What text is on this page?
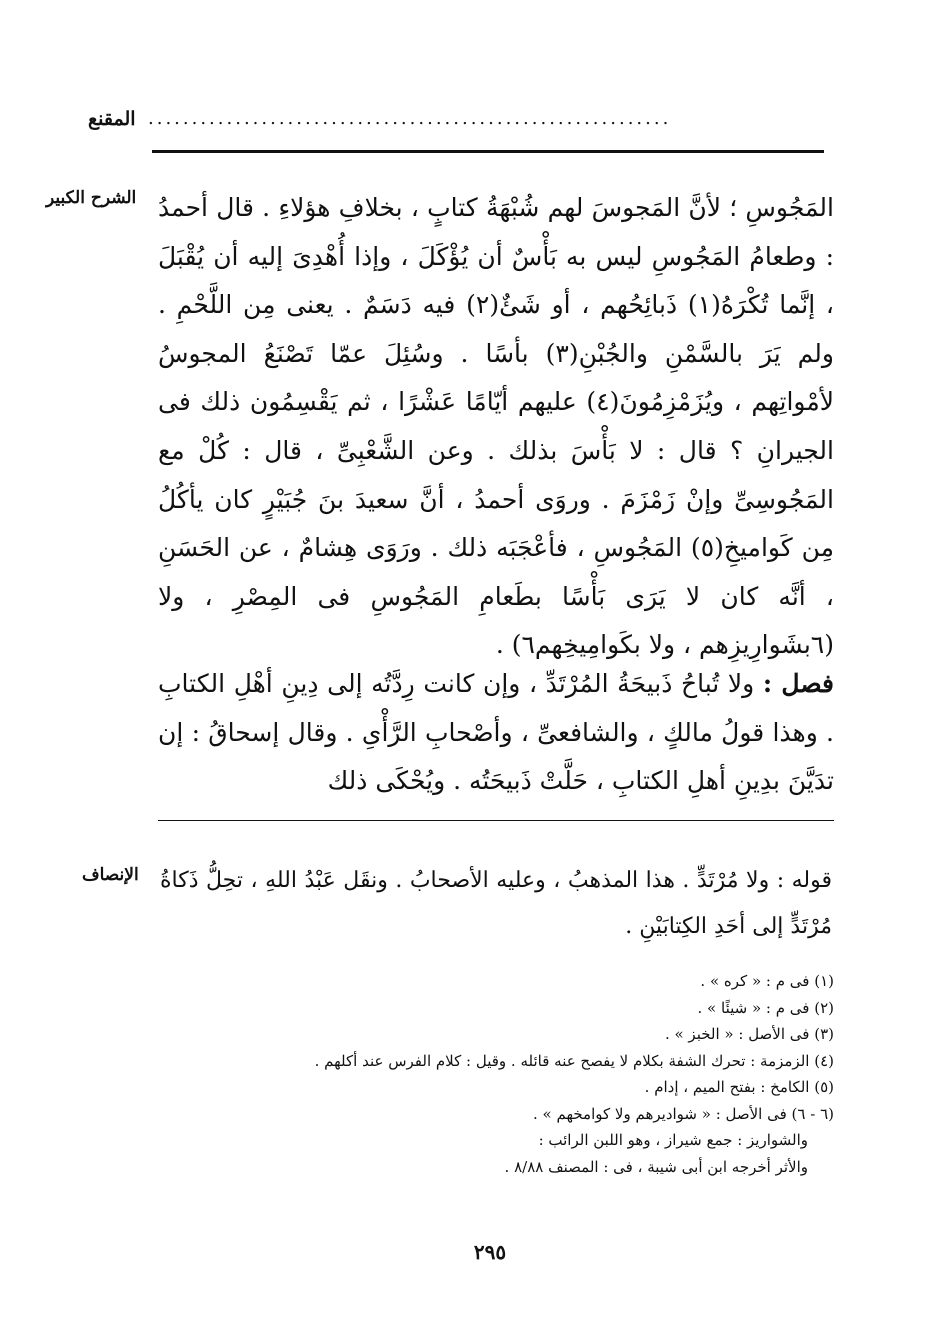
المقنع ............................................................
الشرح الكبير المَجُوسِ ؛ لأنَّ المَجوسَ لهم شُبْهَةُ كتابٍ ، بخلافِ هؤلاءِ . قال أحمدُ : وطعامُ المَجُوسِ ليس به بَأْسٌ أن يُؤْكَلَ ، وإذا أُهْدِىَ إليه أن يُقْبَلَ ، إنَّما تُكْرَهُ(١) ذَبائِحُهم ، أو شَئٌ(٢) فيه دَسَمٌ . يعنى مِن اللَّحْمِ . ولم يَرَ بالسَّمْنِ والجُبْنِ(٣) بأسًا . وسُئِلَ عمّا تَصْنَعُ المجوسُ لأمْواتِهم ، ويُزَمْزِمُونَ(٤) عليهم أيّامًا عَشْرًا ، ثم يَقْسِمُون ذلك فى الجيرانِ ؟ قال : لا بَأْسَ بذلك . وعن الشَّعْبِىِّ ، قال : كُلْ مع المَجُوسِىِّ وإنْ زَمْزَمَ . وروَى أحمدُ ، أنَّ سعيدَ بنَ جُبَيْرٍ كان يأكُلُ مِن كَواميخِ(٥) المَجُوسِ ، فأعْجَبَه ذلك . ورَوَى هِشامٌ ، عن الحَسَنِ ، أنَّه كان لا يَرَى بَأْسًا بطَعامِ المَجُوسِ فى المِصْرِ ، ولا (٦بشَوارِيزِهم ، ولا بكَوامِيخِهم٦) .
فصل : ولا تُباحُ ذَبيحَةُ المُرْتَدِّ ، وإن كانت رِدَّتُه إلى دِينِ أهْلِ الكتابِ . وهذا قولُ مالكٍ ، والشافعىِّ ، وأصْحابِ الرَّأْىِ . وقال إسحاقُ : إن تدَيَّنَ بدِينِ أهلِ الكتابِ ، حَلَّتْ ذَبيحَتُه . ويُحْكَى ذلك
الإنصاف قوله : ولا مُرْتَدٍّ . هذا المذهبُ ، وعليه الأصحابُ . ونقَل عَبْدُ اللهِ ، تحِلُّ ذَكاةُ مُرْتَدٍّ إلى أحَدِ الكِتابَيْنِ .
(١) فى م : « كره » .
(٢) فى م : « شيئًا » .
(٣) فى الأصل : « الخبز » .
(٤) الزمزمة : تحرك الشفة بكلام لا يفصح عنه قائله . وقيل : كلام الفرس عند أكلهم .
(٥) الكامخ : بفتح الميم ، إدام .
(٦ - ٦) فى الأصل : « شواديرهم ولا كوامخهم » .
والشواريز : جمع شيراز ، وهو اللبن الرائب :
والأثر أخرجه ابن أبى شيبة ، فى : المصنف ٨/٨٨ .
٢٩٥
